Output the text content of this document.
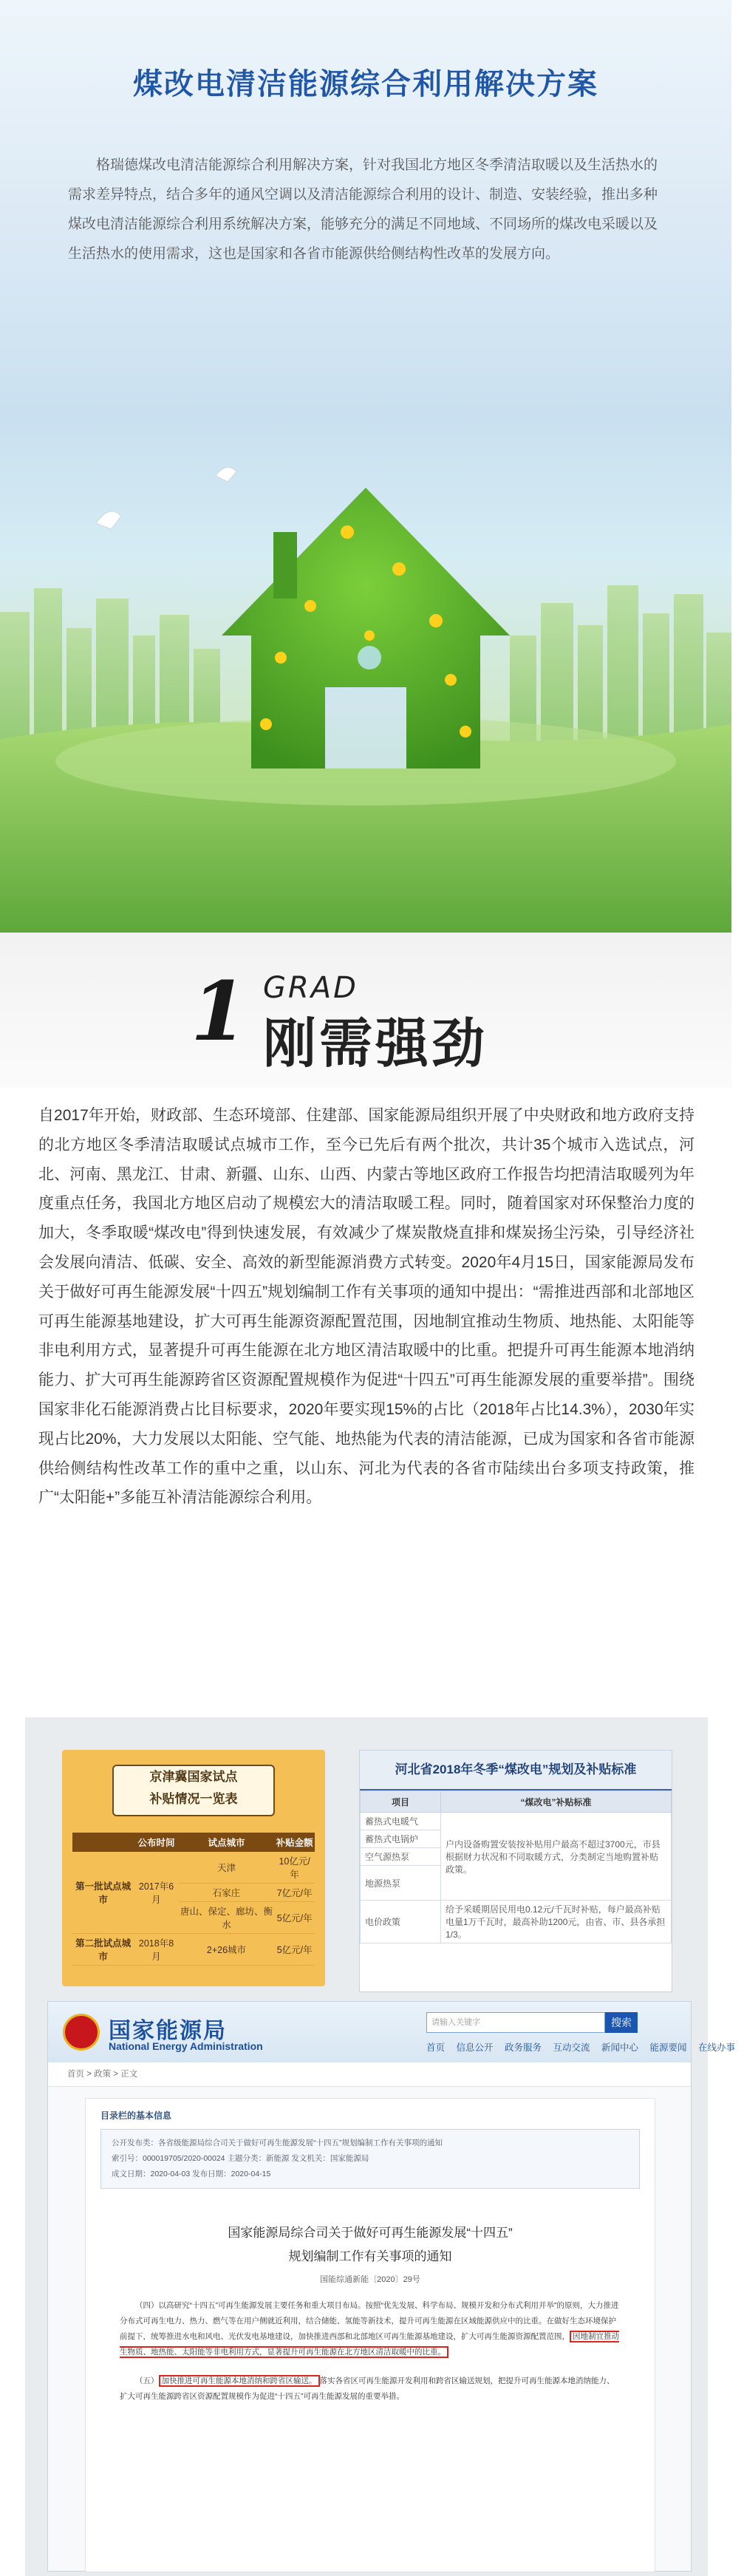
煤改电清洁能源综合利用解决方案

格瑞德煤改电清洁能源综合利用解决方案，针对我国北方地区冬季清洁取暖以及生活热水的需求差异特点，结合多年的通风空调以及清洁能源综合利用的设计、制造、安装经验，推出多种煤改电清洁能源综合利用系统解决方案，能够充分的满足不同地域、不同场所的煤改电采暖以及生活热水的使用需求，这也是国家和各省市能源供给侧结构性改革的发展方向。

1 GRAD
刚需强劲

自2017年开始，财政部、生态环境部、住建部、国家能源局组织开展了中央财政和地方政府支持的北方地区冬季清洁取暖试点城市工作，至今已先后有两个批次，共计35个城市入选试点，河北、河南、黑龙江、甘肃、新疆、山东、山西、内蒙古等地区政府工作报告均把清洁取暖列为年度重点任务，我国北方地区启动了规模宏大的清洁取暖工程。同时，随着国家对环保整治力度的加大，冬季取暖“煤改电”得到快速发展，有效减少了煤炭散烧直排和煤炭扬尘污染，引导经济社会发展向清洁、低碳、安全、高效的新型能源消费方式转变。2020年4月15日，国家能源局发布关于做好可再生能源发展“十四五”规划编制工作有关事项的通知中提出：“需推进西部和北部地区可再生能源基地建设，扩大可再生能源资源配置范围，因地制宜推动生物质、地热能、太阳能等非电利用方式，显著提升可再生能源在北方地区清洁取暖中的比重。把提升可再生能源本地消纳能力、扩大可再生能源跨省区资源配置规模作为促进“十四五”可再生能源发展的重要举措”。围绕国家非化石能源消费占比目标要求，2020年要实现15%的占比（2018年占比14.3%），2030年实现占比20%，大力发展以太阳能、空气能、地热能为代表的清洁能源，已成为国家和各省市能源供给侧结构性改革工作的重中之重，以山东、河北为代表的各省市陆续出台多项支持政策，推广“太阳能+”多能互补清洁能源综合利用。

京津冀国家试点
补贴情况一览表
	公布时间	试点城市	补贴金额
第一批试点城市	2017年6月	天津	10亿元/年
		石家庄	7亿元/年
		唐山、保定、廊坊、衡水	5亿元/年
第二批试点城市	2018年8月	2+26城市	5亿元/年
河北省2018年冬季“煤改电”规划及补贴标准
项目	“煤改电”补贴标准
蓄热式电暖气	户内设备购置安装按补贴用户最高不超过3700元，市县根据财力状况和不同取暖方式，分类制定当地购置补贴政策。
蓄热式电锅炉	
空气源热泵	
地源热泵	
电价政策	给予采暖期居民用电0.12元/千瓦时补贴，每户最高补贴电量1万千瓦时，最高补助1200元，由省、市、县各承担1/3。
国家能源局
National Energy Administration
请输入关键字	搜索
首页 信息公开 政务服务 互动交流 新闻中心 能源要闻 在线办事
首页 > 政策 > 正文
目录栏的基本信息
公开发布类：各省级能源局综合司关于做好可再生能源发展“十四五”规划编制工作有关事项的通知
索引号：000019705/2020-00024 主题分类：新能源 发文机关：国家能源局
成文日期：2020-04-03 发布日期：2020-04-15
国家能源局综合司关于做好可再生能源发展“十四五”
规划编制工作有关事项的通知
国能综通新能〔2020〕29号
（四）以高研究“十四五”可再生能源发展主要任务和重大项目布局。按照“优先发展、科学布局、规模开发和分布式利用并举”的原则，大力推进分布式可再生电力、热力、燃气等在用户侧就近利用，结合储能、氢能等新技术，提升可再生能源在区域能源供应中的比重。在做好生态环境保护前提下，统筹推进水电和风电、光伏发电基地建设，加快推进西部和北部地区可再生能源基地建设，扩大可再生能源资源配置范围， 因地制宜推动生物质、地热能、太阳能等非电利用方式，显著提升可再生能源在北方地区清洁取暖中的比重。
（五） 加快推进可再生能源本地消纳和跨省区输送。 落实各省区可再生能源开发利用和跨省区输送规划，把提升可再生能源本地消纳能力、扩大可再生能源跨省区资源配置规模作为促进“十四五”可再生能源发展的重要举措。
